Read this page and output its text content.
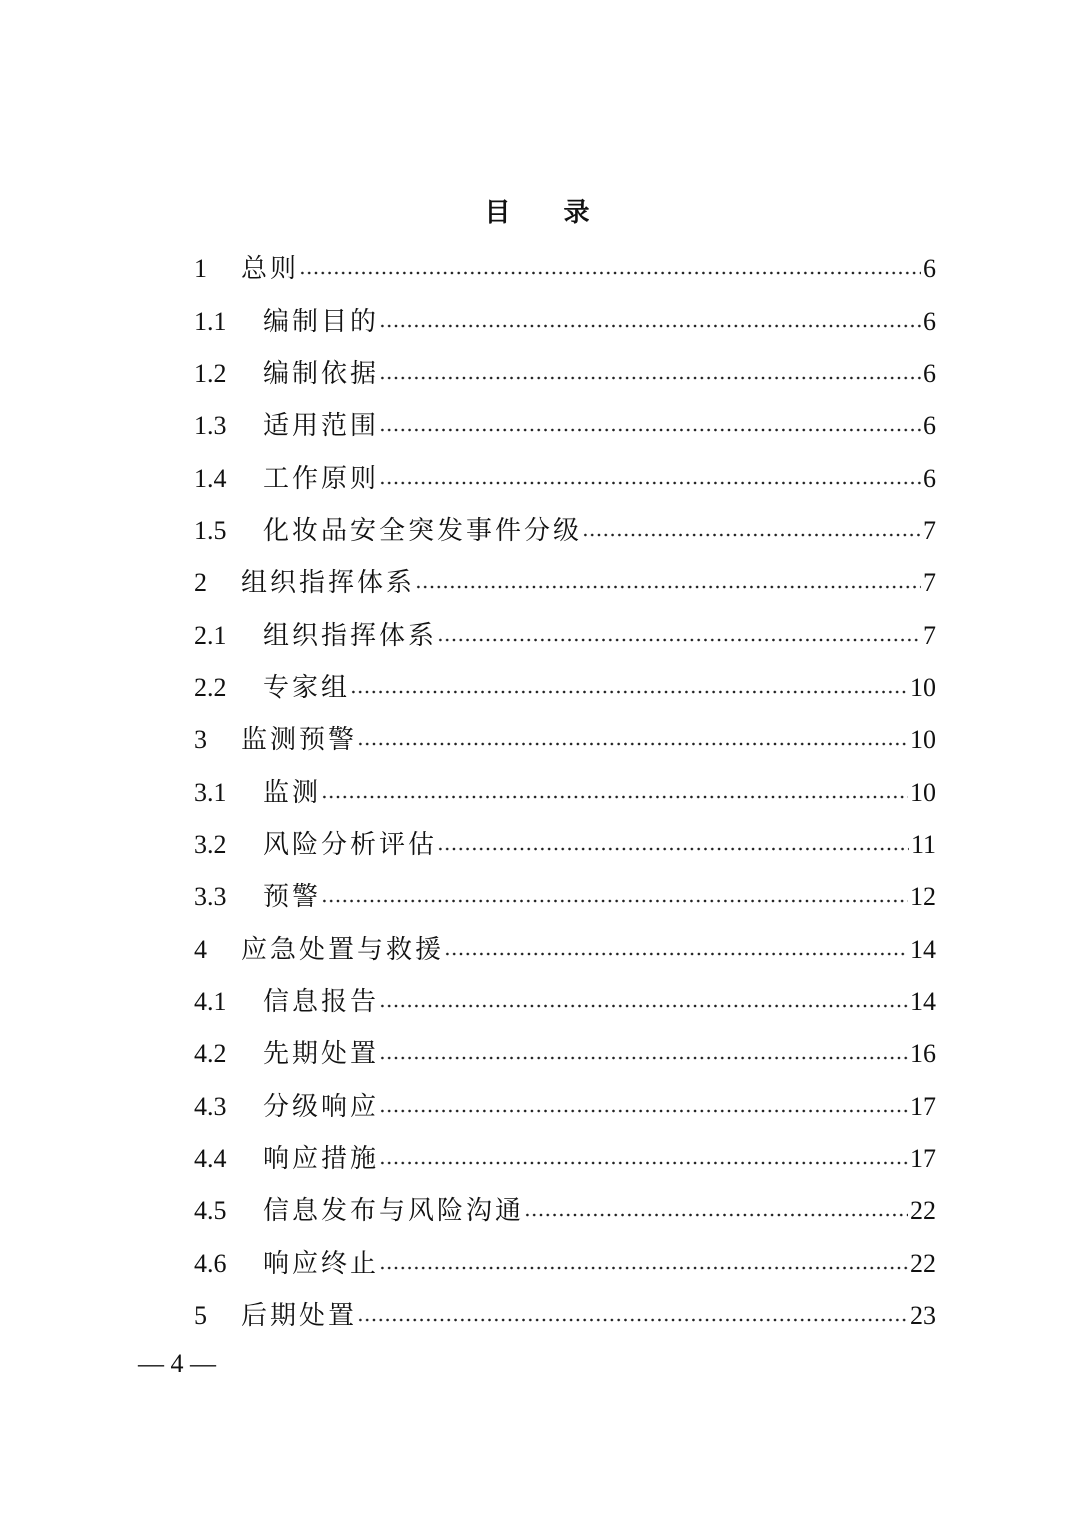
目 录
1	总则	6
1.1	编制目的	6
1.2	编制依据	6
1.3	适用范围	6
1.4	工作原则	6
1.5	化妆品安全突发事件分级	7
2	组织指挥体系	7
2.1	组织指挥体系	7
2.2	专家组	10
3	监测预警	10
3.1	监测	10
3.2	风险分析评估	11
3.3	预警	12
4	应急处置与救援	14
4.1	信息报告	14
4.2	先期处置	16
4.3	分级响应	17
4.4	响应措施	17
4.5	信息发布与风险沟通	22
4.6	响应终止	22
5	后期处置	23
— 4 —
